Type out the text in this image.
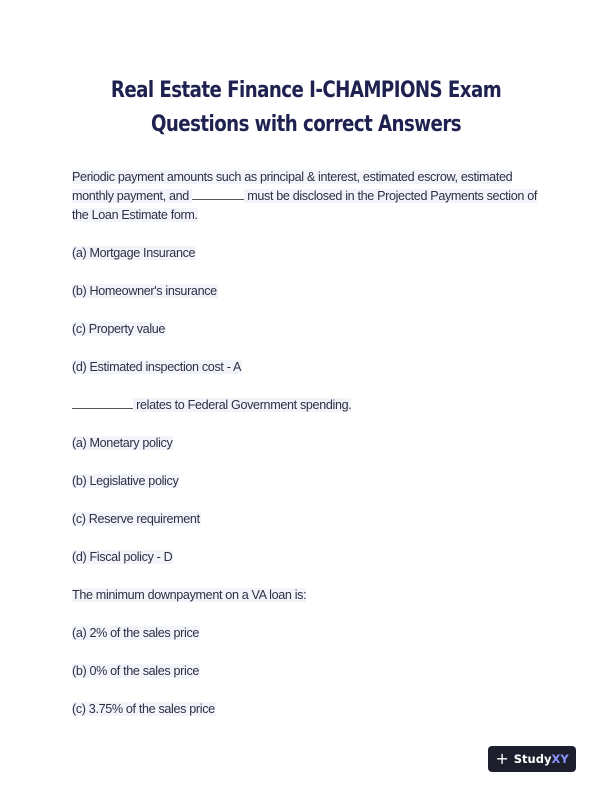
Real Estate Finance I-CHAMPIONS Exam
Questions with correct Answers

Periodic payment amounts such as principal & interest, estimated escrow, estimated monthly payment, and	must be disclosed in the Projected Payments section of the Loan Estimate form.

(a) Mortgage Insurance

(b) Homeowner's insurance

(c) Property value

(d) Estimated inspection cost - A

relates to Federal Government spending.

(a) Monetary policy

(b) Legislative policy

(c) Reserve requirement

(d) Fiscal policy - D

The minimum downpayment on a VA loan is:

(a) 2% of the sales price

(b) 0% of the sales price

(c) 3.75% of the sales price

+ StudyXY
